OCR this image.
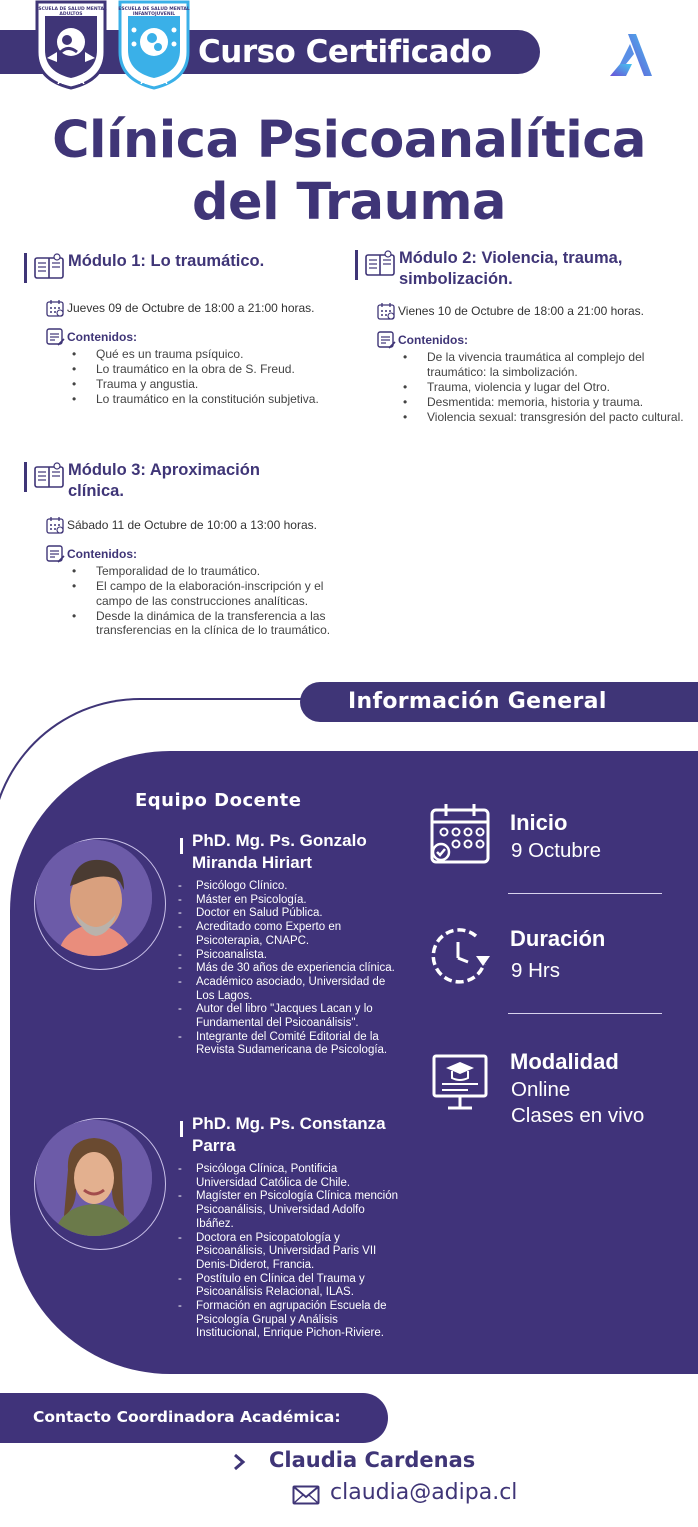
Curso Certificado
ESCUELA DE SALUD MENTAL
ADULTOS
ADIPA
ESCUELA DE SALUD MENTAL
INFANTOJUVENIL
ADIPA
Clínica Psicoanalítica
del Trauma
Módulo 1: Lo traumático.
Jueves 09 de Octubre de 18:00 a 21:00 horas.
Contenidos:
• Qué es un trauma psíquico.
• Lo traumático en la obra de S. Freud.
• Trauma y angustia.
• Lo traumático en la constitución subjetiva.
Módulo 2: Violencia, trauma, simbolización.
Vienes 10 de Octubre de 18:00 a 21:00 horas.
Contenidos:
• De la vivencia traumática al complejo del traumático: la simbolización.
• Trauma, violencia y lugar del Otro.
• Desmentida: memoria, historia y trauma.
• Violencia sexual: transgresión del pacto cultural.
Módulo 3: Aproximación clínica.
Sábado 11 de Octubre de 10:00 a 13:00 horas.
Contenidos:
• Temporalidad de lo traumático.
• El campo de la elaboración-inscripción y el campo de las construcciones analíticas.
• Desde la dinámica de la transferencia a las transferencias en la clínica de lo traumático.
Información General
Equipo Docente
PhD. Mg. Ps. Gonzalo Miranda Hiriart
- Psicólogo Clínico.
- Máster en Psicología.
- Doctor en Salud Pública.
- Acreditado como Experto en Psicoterapia, CNAPC.
- Psicoanalista.
- Más de 30 años de experiencia clínica.
- Académico asociado, Universidad de Los Lagos.
- Autor del libro "Jacques Lacan y lo Fundamental del Psicoanálisis".
- Integrante del Comité Editorial de la Revista Sudamericana de Psicología.
PhD. Mg. Ps. Constanza Parra
- Psicóloga Clínica, Pontificia Universidad Católica de Chile.
- Magíster en Psicología Clínica mención Psicoanálisis, Universidad Adolfo Ibáñez.
- Doctora en Psicopatología y Psicoanálisis, Universidad Paris VII Denis-Diderot, Francia.
- Postítulo en Clínica del Trauma y Psicoanálisis Relacional, ILAS.
- Formación en agrupación Escuela de Psicología Grupal y Análisis Institucional, Enrique Pichon-Riviere.
Inicio
9 Octubre
Duración
9 Hrs
Modalidad
Online
Clases en vivo
Contacto Coordinadora Académica:
Claudia Cardenas
claudia@adipa.cl
